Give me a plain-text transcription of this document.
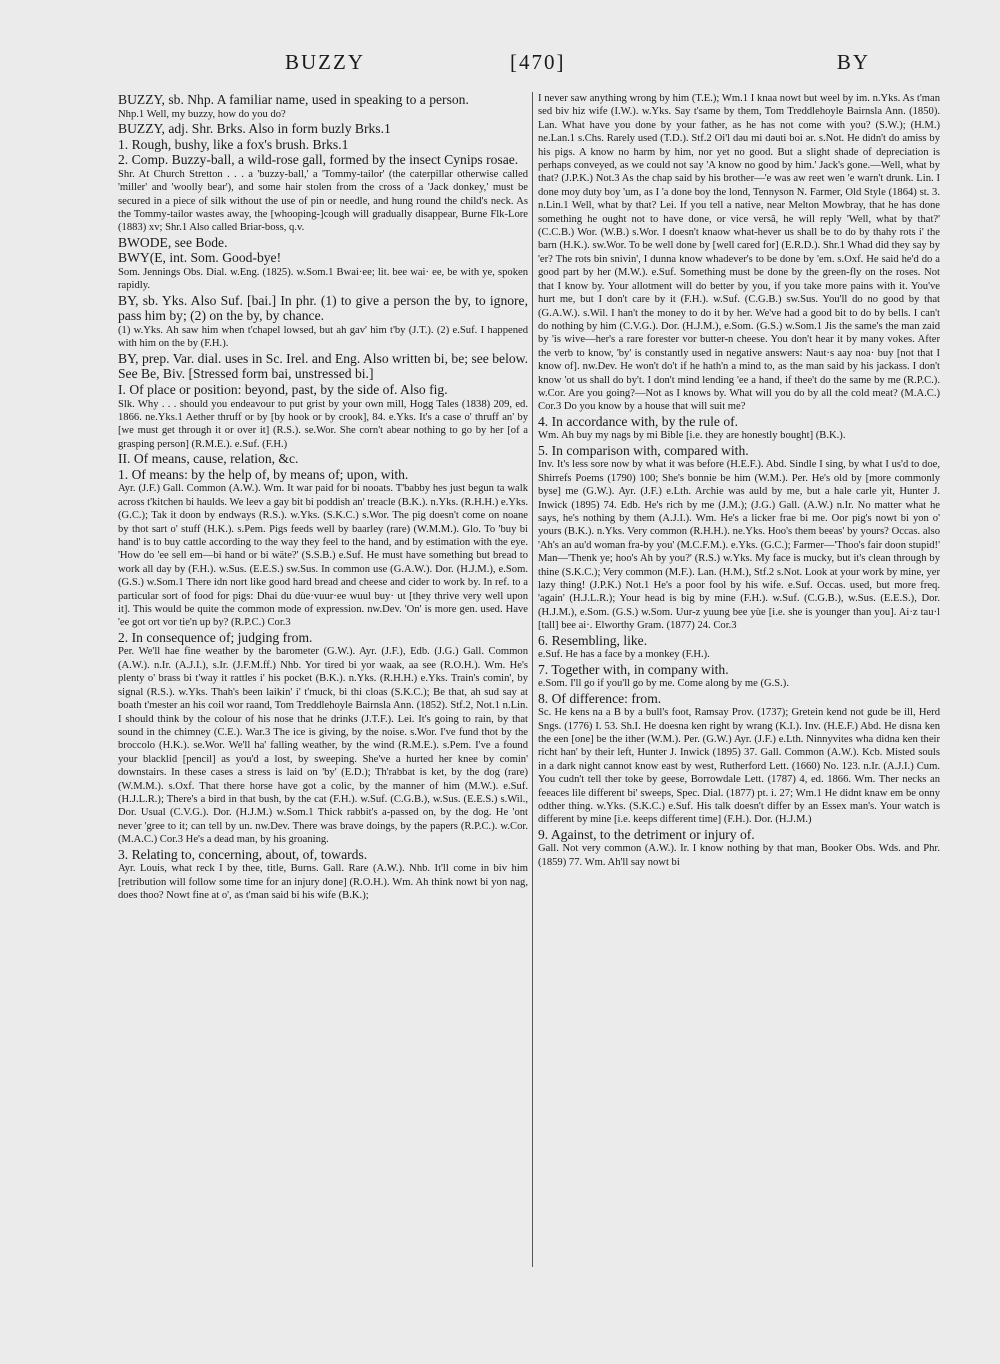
BUZZY	[470]	BY

BUZZY, sb. Nhp. A familiar name, used in speaking to a person.

Nhp.1 Well, my buzzy, how do you do?

BUZZY, adj. Shr. Brks. Also in form buzly Brks.1

1. Rough, bushy, like a fox's brush. Brks.1

2. Comp. Buzzy-ball, a wild-rose gall, formed by the insect Cynips rosae.

Shr. At Church Stretton . . . a 'buzzy-ball,' a 'Tommy-tailor' (the caterpillar otherwise called 'miller' and 'woolly bear'), and some hair stolen from the cross of a 'Jack donkey,' must be secured in a piece of silk without the use of pin or needle, and hung round the child's neck. As the Tommy-tailor wastes away, the [whooping-]cough will gradually disappear, Burne Flk-Lore (1883) xv; Shr.1 Also called Briar-boss, q.v.

BWODE, see Bode.

BWY(E, int. Som. Good-bye!

Som. Jennings Obs. Dial. w.Eng. (1825). w.Som.1 Bwai·ee; lit. bee wai· ee, be with ye, spoken rapidly.

BY, sb. Yks. Also Suf. [bai.] In phr. (1) to give a person the by, to ignore, pass him by; (2) on the by, by chance.

(1) w.Yks. Ah saw him when t'chapel lowsed, but ah gav' him t'by (J.T.). (2) e.Suf. I happened with him on the by (F.H.).

BY, prep. Var. dial. uses in Sc. Irel. and Eng. Also written bi, be; see below. See Be, Biv. [Stressed form bai, unstressed bi.]

I. Of place or position: beyond, past, by the side of. Also fig.

Slk. Why . . . should you endeavour to put grist by your own mill, Hogg Tales (1838) 209, ed. 1866. ne.Yks.1 Aether thruff or by [by hook or by crook], 84. e.Yks. It's a case o' thruff an' by [we must get through it or over it] (R.S.). se.Wor. She corn't abear nothing to go by her [of a grasping person] (R.M.E.). e.Suf. (F.H.)

II. Of means, cause, relation, &c.

1. Of means: by the help of, by means of; upon, with.

Ayr. (J.F.) Gall. Common (A.W.). Wm. It war paid for bi nooats. T'babby hes just begun ta walk across t'kitchen bi haulds. We leev a gay bit bi poddish an' treacle (B.K.). n.Yks. (R.H.H.) e.Yks. (G.C.); Tak it doon by endways (R.S.). w.Yks. (S.K.C.) s.Wor. The pig doesn't come on noane by thot sart o' stuff (H.K.). s.Pem. Pigs feeds well by baarley (rare) (W.M.M.). Glo. To 'buy bi hand' is to buy cattle according to the way they feel to the hand, and by estimation with the eye. 'How do 'ee sell em—bi hand or bi wäte?' (S.S.B.) e.Suf. He must have something but bread to work all day by (F.H.). w.Sus. (E.E.S.) sw.Sus. In common use (G.A.W.). Dor. (H.J.M.), e.Som. (G.S.) w.Som.1 There idn nort like good hard bread and cheese and cider to work by. In ref. to a particular sort of food for pigs: Dhai du dùe·vuur·ee wuul buy· ut [they thrive very well upon it]. This would be quite the common mode of expression. nw.Dev. 'On' is more gen. used. Have 'ee got ort vor tie'n up by? (R.P.C.) Cor.3

2. In consequence of; judging from.

Per. We'll hae fine weather by the barometer (G.W.). Ayr. (J.F.), Edb. (J.G.) Gall. Common (A.W.). n.Ir. (A.J.I.), s.Ir. (J.F.M.ff.) Nhb. Yor tired bi yor waak, aa see (R.O.H.). Wm. He's plenty o' brass bi t'way it rattles i' his pocket (B.K.). n.Yks. (R.H.H.) e.Yks. Train's comin', by signal (R.S.). w.Yks. Thah's been laikin' i' t'muck, bi thi cloas (S.K.C.); Be that, ah sud say at boath t'mester an his coil wor raand, Tom Treddlehoyle Bairnsla Ann. (1852). Stf.2, Not.1 n.Lin. I should think by the colour of his nose that he drinks (J.T.F.). Lei. It's going to rain, by that sound in the chimney (C.E.). War.3 The ice is giving, by the noise. s.Wor. I've fund thot by the broccolo (H.K.). se.Wor. We'll ha' falling weather, by the wind (R.M.E.). s.Pem. I've a found your blacklid [pencil] as you'd a lost, by sweeping. She've a hurted her knee by comin' downstairs. In these cases a stress is laid on 'by' (E.D.); Th'rabbat is ket, by the dog (rare) (W.M.M.). s.Oxf. That there horse have got a colic, by the manner of him (M.W.). e.Suf. (H.J.L.R.); There's a bird in that bush, by the cat (F.H.). w.Suf. (C.G.B.), w.Sus. (E.E.S.) s.Wil., Dor. Usual (C.V.G.). Dor. (H.J.M.) w.Som.1 Thick rabbit's a-passed on, by the dog. He 'ont never 'gree to it; can tell by un. nw.Dev. There was brave doings, by the papers (R.P.C.). w.Cor. (M.A.C.) Cor.3 He's a dead man, by his groaning.

3. Relating to, concerning, about, of, towards.

Ayr. Louis, what reck I by thee, title, Burns. Gall. Rare (A.W.). Nhb. It'll come in biv him [retribution will follow some time for an injury done] (R.O.H.). Wm. Ah think nowt bi yon nag, does thoo? Nowt fine at o', as t'man said bi his wife (B.K.);

I never saw anything wrong by him (T.E.); Wm.1 I knaa nowt but weel by im. n.Yks. As t'man sed biv hiz wife (I.W.). w.Yks. Say t'same by them, Tom Treddlehoyle Bairnsla Ann. (1850). Lan. What have you done by your father, as he has not come with you? (S.W.); (H.M.) ne.Lan.1 s.Chs. Rarely used (T.D.). Stf.2 Oi'l dəu mi dəuti boi ər. s.Not. He didn't do amiss by his pigs. A know no harm by him, nor yet no good. But a slight shade of depreciation is perhaps conveyed, as we could not say 'A know no good by him.' Jack's gone.—Well, what by that? (J.P.K.) Not.3 As the chap said by his brother—'e was aw reet wen 'e warn't drunk. Lin. I done moy duty boy 'um, as I 'a done boy the lond, Tennyson N. Farmer, Old Style (1864) st. 3. n.Lin.1 Well, what by that? Lei. If you tell a native, near Melton Mowbray, that he has done something he ought not to have done, or vice versâ, he will reply 'Well, what by that?' (C.C.B.) Wor. (W.B.) s.Wor. I doesn't knaow what-hever us shall be to do by thahy rots i' the barn (H.K.). sw.Wor. To be well done by [well cared for] (E.R.D.). Shr.1 Whad did they say by 'er? The rots bin snivin', I dunna know whadever's to be done by 'em. s.Oxf. He said he'd do a good part by her (M.W.). e.Suf. Something must be done by the green-fly on the roses. Not that I know by. Your allotment will do better by you, if you take more pains with it. You've hurt me, but I don't care by it (F.H.). w.Suf. (C.G.B.) sw.Sus. You'll do no good by that (G.A.W.). s.Wil. I han't the money to do it by her. We've had a good bit to do by bells. I can't do nothing by him (C.V.G.). Dor. (H.J.M.), e.Som. (G.S.) w.Som.1 Jis the same's the man zaid by 'is wive—her's a rare forester vor butter-n cheese. You don't hear it by many vokes. After the verb to know, 'by' is constantly used in negative answers: Naut·s aay noa· buy [not that I know of]. nw.Dev. He won't do't if he hath'n a mind to, as the man said by his jackass. I don't know 'ot us shall do by't. I don't mind lending 'ee a hand, if thee't do the same by me (R.P.C.). w.Cor. Are you going?—Not as I knows by. What will you do by all the cold meat? (M.A.C.) Cor.3 Do you know by a house that will suit me?

4. In accordance with, by the rule of.

Wm. Ah buy my nags by mi Bible [i.e. they are honestly bought] (B.K.).

5. In comparison with, compared with.

Inv. It's less sore now by what it was before (H.E.F.). Abd. Sindle I sing, by what I us'd to doe, Shirrefs Poems (1790) 100; She's bonnie be him (W.M.). Per. He's old by [more commonly byse] me (G.W.). Ayr. (J.F.) e.Lth. Archie was auld by me, but a hale carle yit, Hunter J. Inwick (1895) 74. Edb. He's rich by me (J.M.); (J.G.) Gall. (A.W.) n.Ir. No matter what he says, he's nothing by them (A.J.I.). Wm. He's a licker frae bi me. Oor pig's nowt bi yon o' yours (B.K.). n.Yks. Very common (R.H.H.). ne.Yks. Hoo's them beeas' by yours? Occas. also 'Ah's an au'd woman fra-by you' (M.C.F.M.). e.Yks. (G.C.); Farmer—'Thoo's fair doon stupid!' Man—'Thenk ye; hoo's Ah by you?' (R.S.) w.Yks. My face is mucky, but it's clean through by thine (S.K.C.); Very common (M.F.). Lan. (H.M.), Stf.2 s.Not. Look at your work by mine, yer lazy thing! (J.P.K.) Not.1 He's a poor fool by his wife. e.Suf. Occas. used, but more freq. 'again' (H.J.L.R.); Your head is big by mine (F.H.). w.Suf. (C.G.B.), w.Sus. (E.E.S.), Dor. (H.J.M.), e.Som. (G.S.) w.Som. Uur-z yuung bee yùe [i.e. she is younger than you]. Ai·z tau·l [tall] bee ai·. Elworthy Gram. (1877) 24. Cor.3

6. Resembling, like.

e.Suf. He has a face by a monkey (F.H.).

7. Together with, in company with.

e.Som. I'll go if you'll go by me. Come along by me (G.S.).

8. Of difference: from.

Sc. He kens na a B by a bull's foot, Ramsay Prov. (1737); Gretein kend not gude be ill, Herd Sngs. (1776) I. 53. Sh.I. He doesna ken right by wrang (K.I.). Inv. (H.E.F.) Abd. He disna ken the een [one] be the ither (W.M.). Per. (G.W.) Ayr. (J.F.) e.Lth. Ninnyvites wha didna ken their richt han' by their left, Hunter J. Inwick (1895) 37. Gall. Common (A.W.). Kcb. Misted souls in a dark night cannot know east by west, Rutherford Lett. (1660) No. 123. n.Ir. (A.J.I.) Cum. You cudn't tell ther toke by geese, Borrowdale Lett. (1787) 4, ed. 1866. Wm. Ther necks an feeaces lile different bi' sweeps, Spec. Dial. (1877) pt. i. 27; Wm.1 He didnt knaw em be onny odther thing. w.Yks. (S.K.C.) e.Suf. His talk doesn't differ by an Essex man's. Your watch is different by mine [i.e. keeps different time] (F.H.). Dor. (H.J.M.)

9. Against, to the detriment or injury of.

Gall. Not very common (A.W.). Ir. I know nothing by that man, Booker Obs. Wds. and Phr. (1859) 77. Wm. Ah'll say nowt bi
